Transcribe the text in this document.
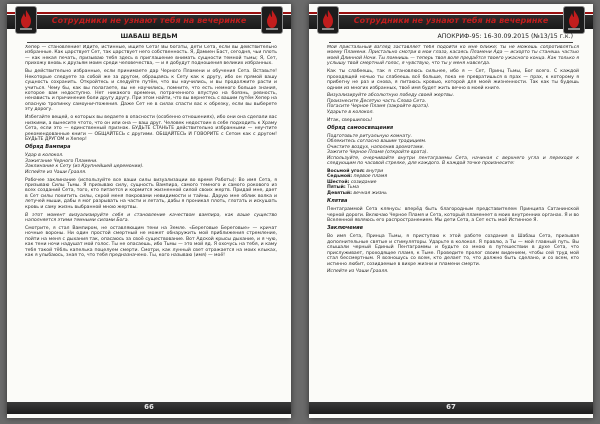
Сотрудники не узнают тебя на вечеринке
ШАБАШ ВЕДЬМ

Хепер — становление! Идите, истинные, ищите Сета! Вы богаты, дети Сета, если вы действительно избранные. Как царствует Сет, так царствует него собственность. Я, Дамиен Баст, сегодня, чьи плоть — как некая печать, призываю тебя здесь в приглашение внимать сущности темной тьмы; Я, Сет, прихожу вновь к друзьям моим среди человечества, — и я добудут подношения великих избранных.

Вы действительно избранные, если принимаете дар Черного Пламени и обучения Сета. Вставьте! Некоторые следуете за собой же за другом, обращаясь к Сету как к другу, ибо он прямой вашу сущность сохранить. Откройтесь и следуйте путём, что вы научились, и вы продолжите расти и учиться. Чему бы, как вы полагаете, вы не научились, помните, что есть немного больше знания, которое вам недоступно. Нет никакого времени, потраченного впустую на боязнь, ревность, ненависть и причинение боли другу другу. При этом найти, что вы вернетесь с вашим путём Хепер на опасную тропинку самоуничтожения. Даже Сет не в силах спасти вас к обрезку, если вы выберете эту дорогу.

Избегайте вещей, о которых вы ведаете в опасности (особенно отношениях), ибо они она сделали вас низкими, а вынесите чтото, что он или она — ваш друг. Человек недостоин в себе подходить к Храму Сета, если это — единственный признак. БУДЬТЕ СТАНЬТЕ действительно избранными — неучтите рекомендованные книги — ОБЩАЙТЕСЬ с другими. ОБЩАЙТЕСЬ И ГОВОРИТЕ с Сетом как с другом! БУДЬТЕ ДРУГОМ и Хепер!

Обряд Вампира

Удар в колокол.

Зажигание Черного Пламени.

Заклинание к Сету (из Крупнейшей церемонии).

Испейте из Чаши Грааля.

Рабочее заклинание (используйте все ваши силы визуализации во время Работы): Во имя Сета, я призываю Силы Тьмы. Я призываю силу, сущность Вампира, самого темного и самого рокового из всех созданий Сета, того, кто питается и кормится жизненной силой своих жертв. Придай мне, дает в Сет силы похитить силы, скрой меня покровами невидимости и тайны. Дарую мне облик волка и летучей мыши, дабы я мог разрывать на части и летать, дабы я проникал плоть, глотать и искушать кровь и саму жизнь выбранной мною жертвы.

В этот момент визуализируйте себя и становление качеством вампира, как ваше существо наполняется этими темными силами Бога.

Смотрите, я стал Вампиром, не оставляющим тени на Земле. «Береговые Береговые» — кричат ночные вороны. Ни один простой смертный не может обнаружить мой приближения стремление, пойти на меня с дыхания так, опасаюсь за своё существование. Вот Адской крысы дыхание, и я чую, как тени ночи надушат мой голос. Ты не опасаешь, ибо Тьмы — это мой яд. Я охочусь на тебя, и каму тебя такой тёбль капелька поцелуем смерти. Смотри, как лунный свет отражается на моих клыках, как я улыбаюсь, зная то, что тебя предназначено. Ты, кого называю (имя) — моё!

66
Сотрудники не узнают тебя на вечеринке
АПОКРИФ-95: 16-30.09.2015 (№13/15 г.к.)

Мой пристальный взгляд заставляет тебя подойти ко мне ближе; ты не можешь сопротивляться моему Пламени. Пристально смотри в мои глаза, касаясь Пламени Ада — исхорто ты станешь частью моей Длинной Ночи. Ты помнишь — теперь твоя воля предаётся твоего ужасного конца. Как только я услышу твой смертный голос, я чувствую, что ты у меня навсегда.

Как ты слабеешь, так я становлюсь сильнее, ибо я — Сет, Принц Тьмы, Бог всего. С каждой проходящей ночью ты слабеешь всё больше, пока не превратишься в прах — прах, к которому я прибегну не раз и снова, я питаюсь кровью, которой для моей жизненности. Так как ты будешь одним из многих избранных, твоё имя будет жить вечно в моей книге.

Визуализируйте абсолютную победу своей жертвы.

Произнесите Десятую часть Слова Сета.

Погасите Черное Пламя (закройте врата).

Ударьте в колокол.

Итак, свершилось!

Обряд самоосвящения

Подготовьте ритуальную комнату.

Облекитесь согласно вашим традициям.

Очистите воздух, наполнив ароматами.

Зажгите Черное Пламя (откройте врата).

Используйте, очерчивайте внутри пентаграммы Сета, начиная с верхнего угла и переходя к следующим по часовой стрелке, для каждого. В каждой точке произнесите:

Восьмой угол: внутри

Седьмой: первое пламя

Шестой: созидание

Пятый: Тьма

Девятый: вечная жизнь

Клятва

Пентаграммой Сета клянусь: вперёд быть благородным представителем Принципа Сатанинской черной дороги. Включаю Черное Пламя и Сета, который пламенеет в моих внутренних органах. Я и во Вселенной являюсь его распространением. Мы дети Сета, а Сет есть моё Истинное Я.

Заключение

Во имя Сета, Принца Тьмы, я приступаю к этой работе создания в Шабаш Сета, призывая дополнительные святые и стимуляторы. Ударьте в колокол. Я правлю, а Ты — мой главный путь. Вы слышали черный Единый Пентаграммы и будьте со мною в путешествии в духе Сета, что прислуживает, проходящее пламя, к Тьме. Проведите пролог своим видением, чтобы сей труд мой стал бессмертным. Я возношусь со всем, кто делает то, что должно быть сделано, и со всем, кто истинно любит, созидаемые в вихре жизни и пламени смерти.

Испейте из Чаши Грааля.

67
